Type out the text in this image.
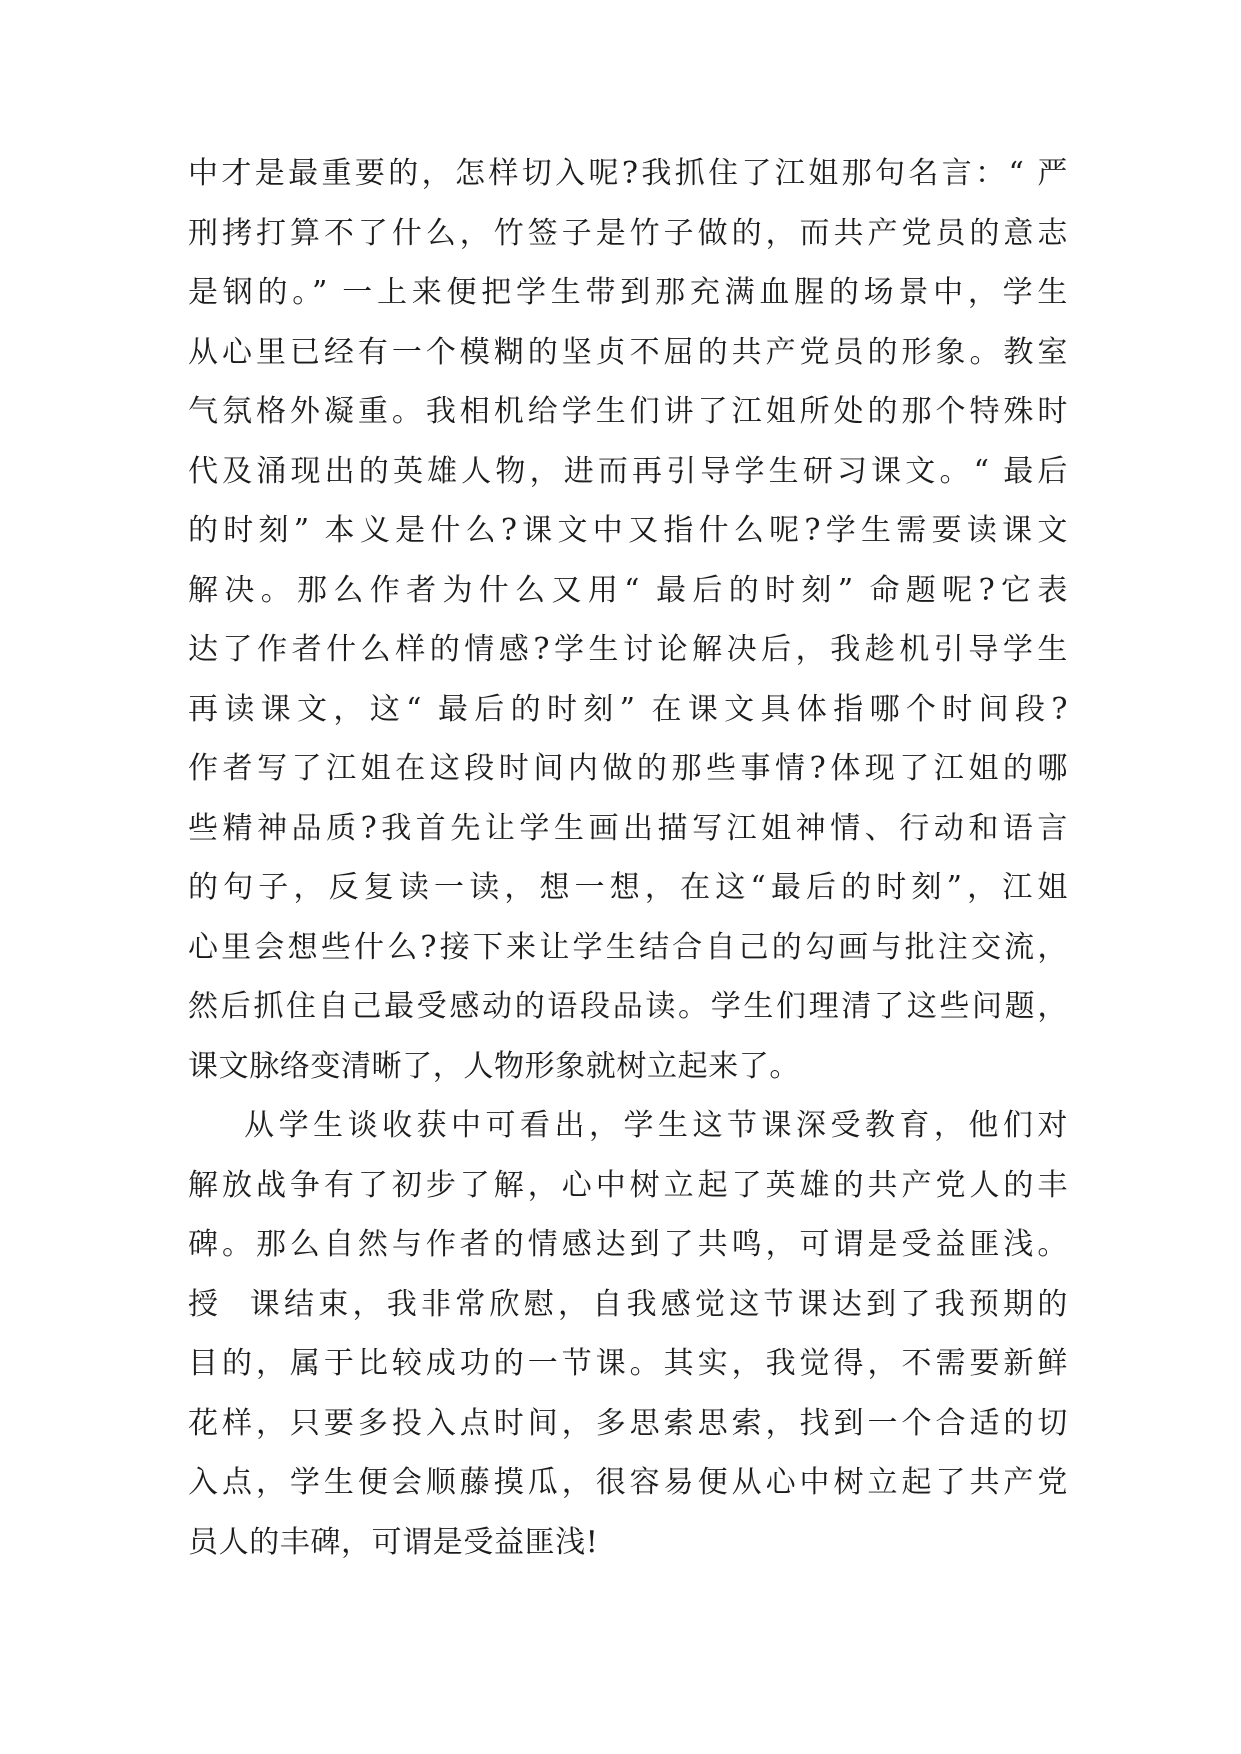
中才是最重要的，怎样切入呢?我抓住了江姐那句名言：“ 严
刑拷打算不了什么，竹签子是竹子做的，而共产党员的意志
是钢的。” 一上来便把学生带到那充满血腥的场景中，学生
从心里已经有一个模糊的坚贞不屈的共产党员的形象。教室
气氛格外凝重。我相机给学生们讲了江姐所处的那个特殊时
代及涌现出的英雄人物，进而再引导学生研习课文。“ 最后
的时刻” 本义是什么?课文中又指什么呢?学生需要读课文
解决。那么作者为什么又用“ 最后的时刻” 命题呢?它表
达了作者什么样的情感?学生讨论解决后，我趁机引导学生
再读课文，这“ 最后的时刻” 在课文具体指哪个时间段?
作者写了江姐在这段时间内做的那些事情?体现了江姐的哪
些精神品质?我首先让学生画出描写江姐神情、行动和语言
的句子，反复读一读，想一想，在这“最后的时刻”，江姐
心里会想些什么?接下来让学生结合自己的勾画与批注交流，
然后抓住自己最受感动的语段品读。学生们理清了这些问题，
课文脉络变清晰了，人物形象就树立起来了。
从学生谈收获中可看出，学生这节课深受教育，他们对
解放战争有了初步了解，心中树立起了英雄的共产党人的丰
碑。那么自然与作者的情感达到了共鸣，可谓是受益匪浅。
授  课结束，我非常欣慰，自我感觉这节课达到了我预期的
目的，属于比较成功的一节课。其实，我觉得，不需要新鲜
花样，只要多投入点时间，多思索思索，找到一个合适的切
入点，学生便会顺藤摸瓜，很容易便从心中树立起了共产党
员人的丰碑，可谓是受益匪浅!
